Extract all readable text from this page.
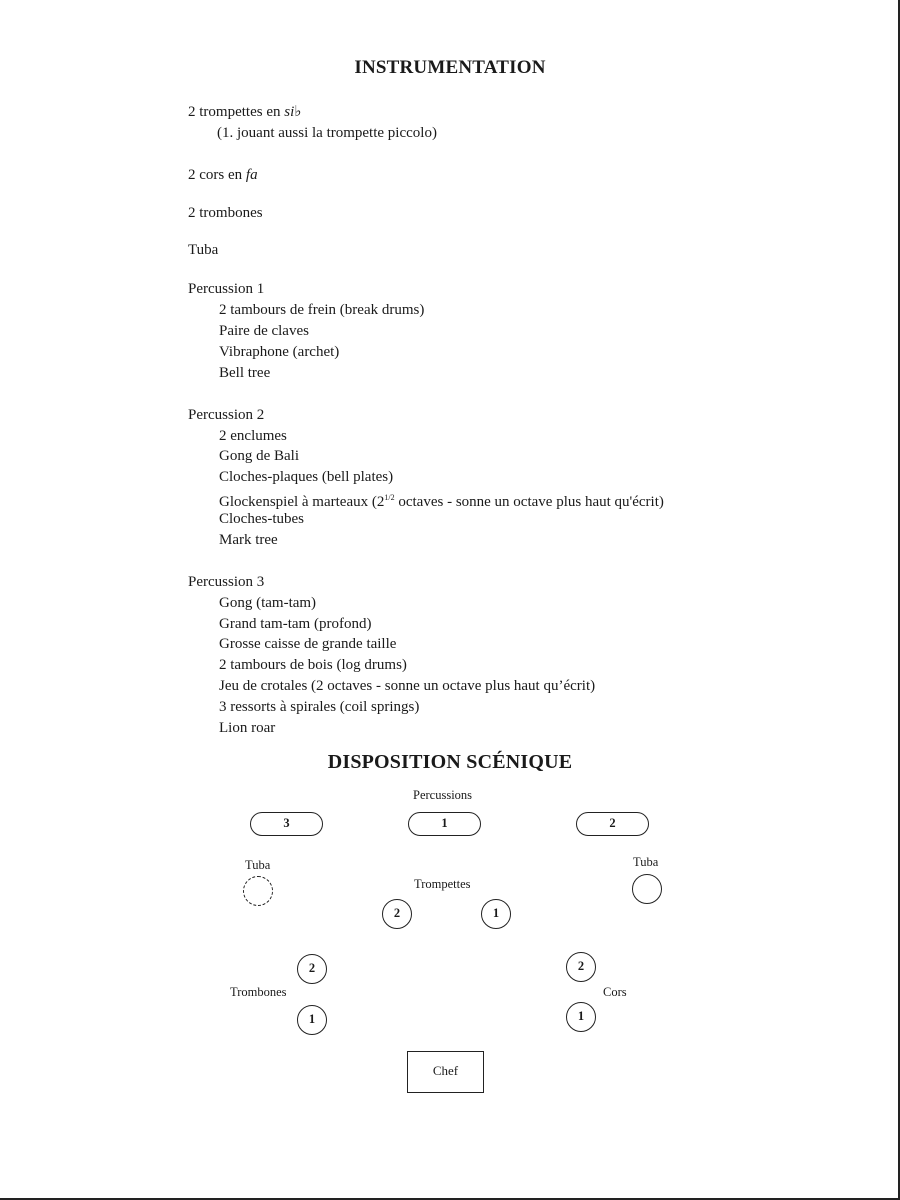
INSTRUMENTATION
2 trompettes en si♭
(1. jouant aussi la trompette piccolo)
2 cors en fa
2 trombones
Tuba
Percussion 1
2 tambours de frein (break drums)
Paire de claves
Vibraphone (archet)
Bell tree
Percussion 2
2 enclumes
Gong de Bali
Cloches-plaques (bell plates)
Glockenspiel à marteaux ($2^{1/2}$ octaves - sonne un octave plus haut qu'écrit)
Cloches-tubes
Mark tree
Percussion 3
Gong (tam-tam)
Grand tam-tam (profond)
Grosse caisse de grande taille
2 tambours de bois (log drums)
Jeu de crotales (2 octaves - sonne un octave plus haut qu’écrit)
3 ressorts à spirales (coil springs)
Lion roar
DISPOSITION SCÉNIQUE
Percussions
3	1	2
Tuba	Tuba
Trompettes
2	1
2
Trombones
1
2
Cors
1
Chef
